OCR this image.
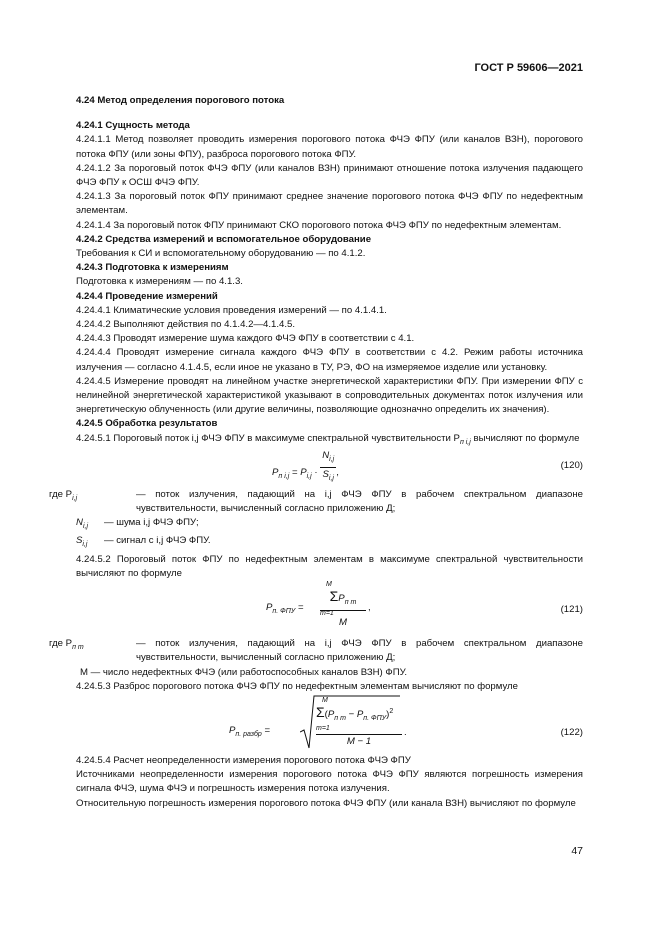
ГОСТ Р 59606—2021
4.24 Метод определения порогового потока
4.24.1 Сущность метода
4.24.1.1 Метод позволяет проводить измерения порогового потока ФЧЭ ФПУ (или каналов ВЗН), порогового потока ФПУ (или зоны ФПУ), разброса порогового потока ФПУ.
4.24.1.2 За пороговый поток ФЧЭ ФПУ (или каналов ВЗН) принимают отношение потока излучения падающего ФЧЭ ФПУ к ОСШ ФЧЭ ФПУ.
4.24.1.3 За пороговый поток ФПУ принимают среднее значение порогового потока ФЧЭ ФПУ по недефектным элементам.
4.24.1.4 За пороговый поток ФПУ принимают СКО порогового потока ФЧЭ ФПУ по недефектным элементам.
4.24.2 Средства измерений и вспомогательное оборудование
Требования к СИ и вспомогательному оборудованию — по 4.1.2.
4.24.3 Подготовка к измерениям
Подготовка к измерениям — по 4.1.3.
4.24.4 Проведение измерений
4.24.4.1 Климатические условия проведения измерений — по 4.1.4.1.
4.24.4.2 Выполняют действия по 4.1.4.2—4.1.4.5.
4.24.4.3 Проводят измерение шума каждого ФЧЭ ФПУ в соответствии с 4.1.
4.24.4.4 Проводят измерение сигнала каждого ФЧЭ ФПУ в соответствии с 4.2. Режим работы источника излучения — согласно 4.1.4.5, если иное не указано в ТУ, РЭ, ФО на измеряемое изделие или установку.
4.24.4.5 Измерение проводят на линейном участке энергетической характеристики ФПУ. При измерении ФПУ с нелинейной энергетической характеристикой указывают в сопроводительных документах поток излучения или энергетическую облученность (или другие величины, позволяющие однозначно определить их значения).
4.24.5 Обработка результатов
4.24.5.1 Пороговый поток i,j ФЧЭ ФПУ в максимуме спектральной чувствительности $P_{п i,j}$ вычисляют по формуле
$P_{п i,j} = P_{i,j} \cdot \frac{N_{i,j}}{S_{i,j}}$ ,
(120)
где $P_{i,j}$	— поток излучения, падающий на i,j ФЧЭ ФПУ в рабочем спектральном диапазоне чувствительности, вычисленный согласно приложению Д;
$N_{i,j}$	— шума i,j ФЧЭ ФПУ;
$S_{i,j}$	— сигнал с i,j ФЧЭ ФПУ.
4.24.5.2 Пороговый поток ФПУ по недефектным элементам в максимуме спектральной чувствительности вычисляют по формуле
$P_{п. ФПУ}$ =
M
$\Sigma P_{п m}$
m=1
M
,	(121)
где $P_{п m}$	— поток излучения, падающий на i,j ФЧЭ ФПУ в рабочем спектральном диапазоне чувствительности, вычисленный согласно приложению Д;
M — число недефектных ФЧЭ (или работоспособных каналов ВЗН) ФПУ.
4.24.5.3 Разброс порогового потока ФЧЭ ФПУ по недефектным элементам вычисляют по формуле
$P_{п. разбр}$ =
M
$\Sigma(P_{п m} - P_{п. ФПУ})^2$
m=1
M − 1
.	(122)
4.24.5.4 Расчет неопределенности измерения порогового потока ФЧЭ ФПУ
Источниками неопределенности измерения порогового потока ФЧЭ ФПУ являются погрешность измерения сигнала ФЧЭ, шума ФЧЭ и погрешность измерения потока излучения.
Относительную погрешность измерения порогового потока ФЧЭ ФПУ (или канала ВЗН) вычисляют по формуле
47
